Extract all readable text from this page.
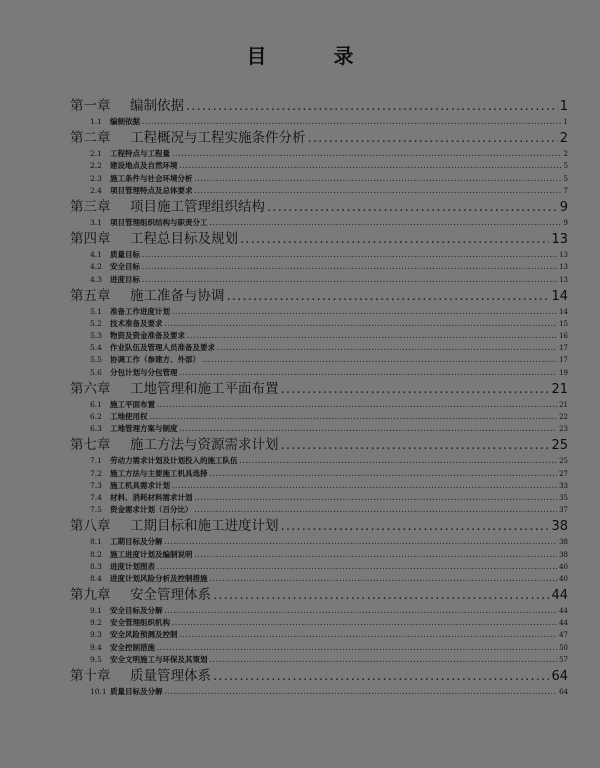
目 录
第一章	编制依据 .....	1
1.1	编制依据 .....	1
第二章	工程概况与工程实施条件分析 .....	2
2.1	工程特点与工程量 .....	2
2.2	建设地点及自然环境 .....	5
2.3	施工条件与社会环境分析 .....	5
2.4	项目管理特点及总体要求 .....	7
第三章	项目施工管理组织结构 .....	9
3.1	项目管理组织结构与职责分工 .....	9
第四章	工程总目标及规划 .....	13
4.1	质量目标 .....	13
4.2	安全目标 .....	13
4.3	进度目标 .....	13
第五章	施工准备与协调 .....	14
5.1	准备工作进度计划 .....	14
5.2	技术准备及要求 .....	15
5.3	物资及资金准备及要求 .....	16
5.4	作业队伍及管理人员准备及要求 .....	17
5.5	协调工作（参建方、外部） .....	17
5.6	分包计划与分包管理 .....	19
第六章	工地管理和施工平面布置 .....	21
6.1	施工平面布置 .....	21
6.2	工地使用权 .....	22
6.3	工地管理方案与制度 .....	23
第七章	施工方法与资源需求计划 .....	25
7.1	劳动力需求计划及计划投入的施工队伍 .....	25
7.2	施工方法与主要施工机具选择 .....	27
7.3	施工机具需求计划 .....	33
7.4	材料、消耗材料需求计划 .....	35
7.5	资金需求计划（百分比） .....	37
第八章	工期目标和施工进度计划 .....	38
8.1	工期目标及分解 .....	38
8.2	施工进度计划及编制说明 .....	38
8.3	进度计划图表 .....	40
8.4	进度计划风险分析及控制措施 .....	40
第九章	安全管理体系 .....	44
9.1	安全目标及分解 .....	44
9.2	安全管理组织机构 .....	44
9.3	安全风险预测及控制 .....	47
9.4	安全控制措施 .....	50
9.5	安全文明施工与环保及其策划 .....	57
第十章	质量管理体系 .....	64
10.1 质量目标及分解 .....	64
